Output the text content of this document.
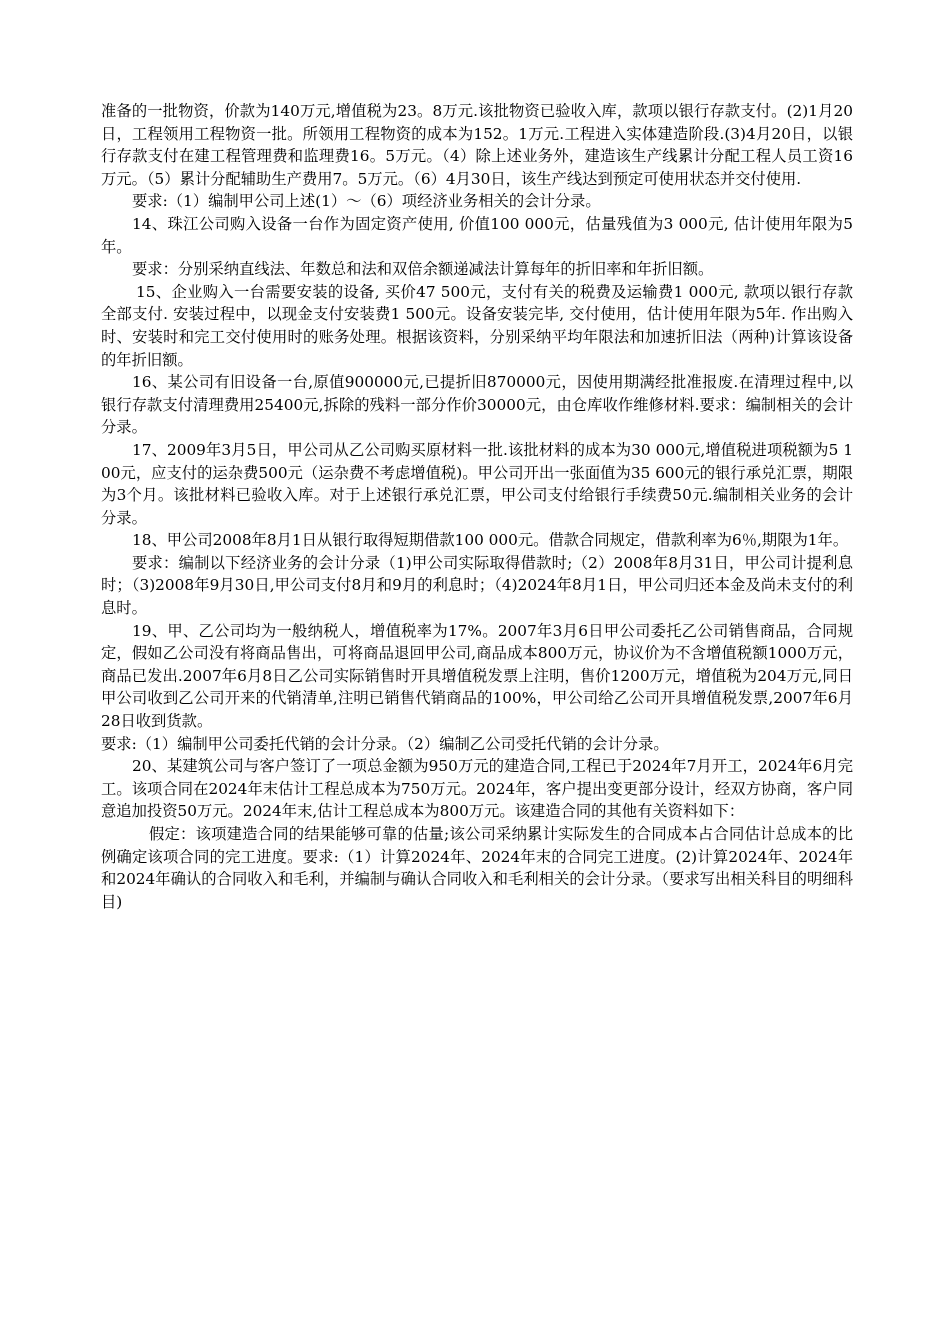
准备的一批物资，价款为140万元,增值税为23。8万元.该批物资已验收入库，款项以银行存款支付。(2)1月20日，工程领用工程物资一批。所领用工程物资的成本为152。1万元.工程进入实体建造阶段.(3)4月20日，以银行存款支付在建工程管理费和监理费16。5万元。（4）除上述业务外，建造该生产线累计分配工程人员工资16万元。（5）累计分配辅助生产费用7。5万元。（6）4月30日，该生产线达到预定可使用状态并交付使用.

要求:（1）编制甲公司上述(1）～（6）项经济业务相关的会计分录。

14、珠江公司购入设备一台作为固定资产使用, 价值100 000元，估量残值为3 000元, 估计使用年限为5年。

要求：分别采纳直线法、年数总和法和双倍余额递减法计算每年的折旧率和年折旧额。

15、企业购入一台需要安装的设备, 买价47 500元，支付有关的税费及运输费1 000元, 款项以银行存款全部支付. 安装过程中，以现金支付安装费1 500元。设备安装完毕, 交付使用，估计使用年限为5年. 作出购入时、安装时和完工交付使用时的账务处理。根据该资料，分别采纳平均年限法和加速折旧法（两种)计算该设备的年折旧额。

16、某公司有旧设备一台,原值900000元,已提折旧870000元，因使用期满经批准报废.在清理过程中,以银行存款支付清理费用25400元,拆除的残料一部分作价30000元，由仓库收作维修材料.要求：编制相关的会计分录。

17、2009年3月5日，甲公司从乙公司购买原材料一批.该批材料的成本为30 000元,增值税进项税额为5 100元，应支付的运杂费500元（运杂费不考虑增值税)。甲公司开出一张面值为35 600元的银行承兑汇票，期限为3个月。该批材料已验收入库。对于上述银行承兑汇票，甲公司支付给银行手续费50元.编制相关业务的会计分录。

18、甲公司2008年8月1日从银行取得短期借款100 000元。借款合同规定，借款利率为6％,期限为1年。

要求：编制以下经济业务的会计分录（1)甲公司实际取得借款时;（2）2008年8月31日，甲公司计提利息时；（3)2008年9月30日,甲公司支付8月和9月的利息时；（4)2024年8月1日，甲公司归还本金及尚未支付的利息时。

19、甲、乙公司均为一般纳税人，增值税率为17%。2007年3月6日甲公司委托乙公司销售商品，合同规定，假如乙公司没有将商品售出，可将商品退回甲公司,商品成本800万元，协议价为不含增值税额1000万元，商品已发出.2007年6月8日乙公司实际销售时开具增值税发票上注明，售价1200万元，增值税为204万元,同日甲公司收到乙公司开来的代销清单,注明已销售代销商品的100%，甲公司给乙公司开具增值税发票,2007年6月28日收到货款。

要求:（1）编制甲公司委托代销的会计分录。（2）编制乙公司受托代销的会计分录。

20、某建筑公司与客户签订了一项总金额为950万元的建造合同,工程已于2024年7月开工，2024年6月完工。该项合同在2024年末估计工程总成本为750万元。2024年，客户提出变更部分设计，经双方协商，客户同意追加投资50万元。2024年末,估计工程总成本为800万元。该建造合同的其他有关资料如下：

假定：该项建造合同的结果能够可靠的估量;该公司采纳累计实际发生的合同成本占合同估计总成本的比例确定该项合同的完工进度。要求:（1）计算2024年、2024年末的合同完工进度。(2)计算2024年、2024年和2024年确认的合同收入和毛利，并编制与确认合同收入和毛利相关的会计分录。（要求写出相关科目的明细科目)
